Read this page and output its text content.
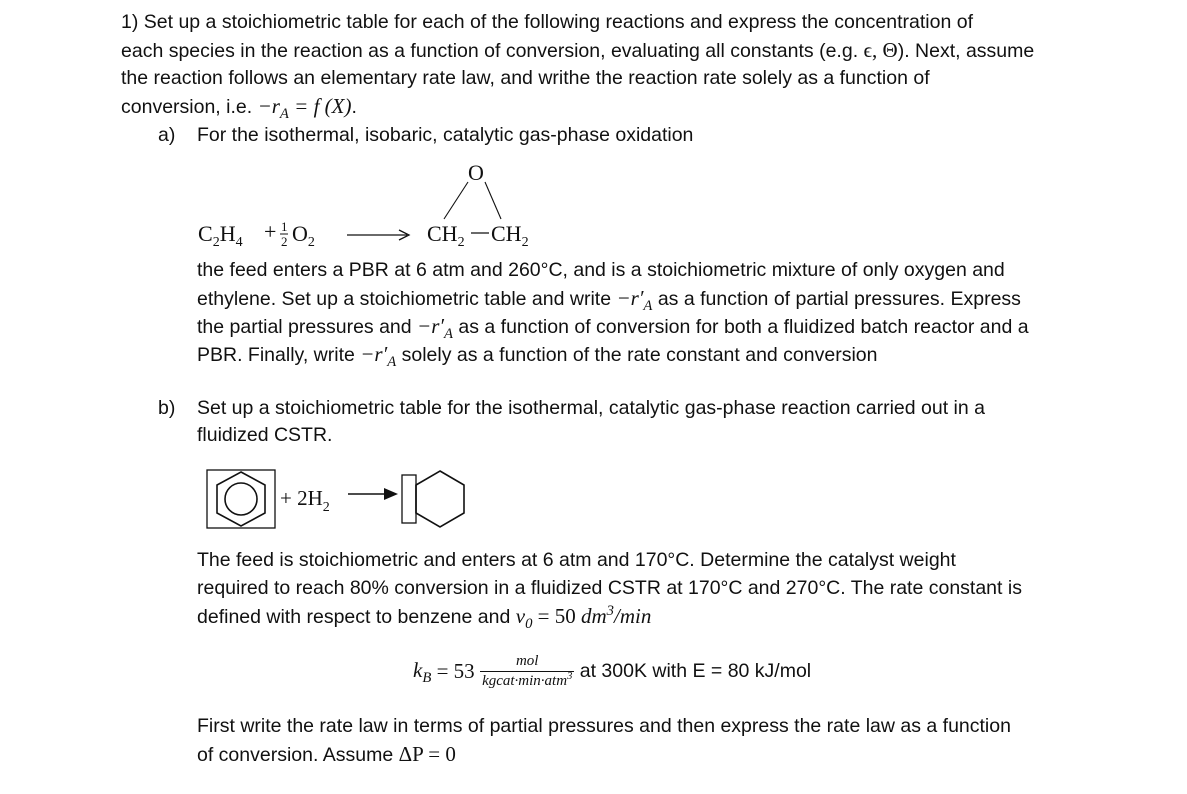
1) Set up a stoichiometric table for each of the following reactions and express the concentration of
each species in the reaction as a function of conversion, evaluating all constants (e.g. ϵ, Θ). Next, assume
the reaction follows an elementary rate law, and writhe the reaction rate solely as a function of
conversion, i.e. $-r_A = f$ (X).
a) For the isothermal, isobaric, catalytic gas-phase oxidation
$C_2H_4 + 1$
2 $O_2$	$CH_2$ $CH_2$
O
the feed enters a PBR at 6 atm and 260°C, and is a stoichiometric mixture of only oxygen and
ethylene. Set up a stoichiometric table and write $-r'_A$ as a function of partial pressures. Express
the partial pressures and $-r'_A$ as a function of conversion for both a fluidized batch reactor and a
PBR. Finally, write $-r'_A$ solely as a function of the rate constant and conversion
b) Set up a stoichiometric table for the isothermal, catalytic gas-phase reaction carried out in a
fluidized CSTR.
+ $2H_2$
The feed is stoichiometric and enters at 6 atm and 170°C. Determine the catalyst weight
required to reach 80% conversion in a fluidized CSTR at 170°C and 270°C. The rate constant is
defined with respect to benzene and $v_0 = 50$ $dm^3/\min$
$k_B = 53 \frac{\text{mol}}{kgcat\cdot\min\cdot atm^3}$ at 300K with E = 80 kJ/mol
First write the rate law in terms of partial pressures and then express the rate law as a function
of conversion. Assume ΔP = 0
